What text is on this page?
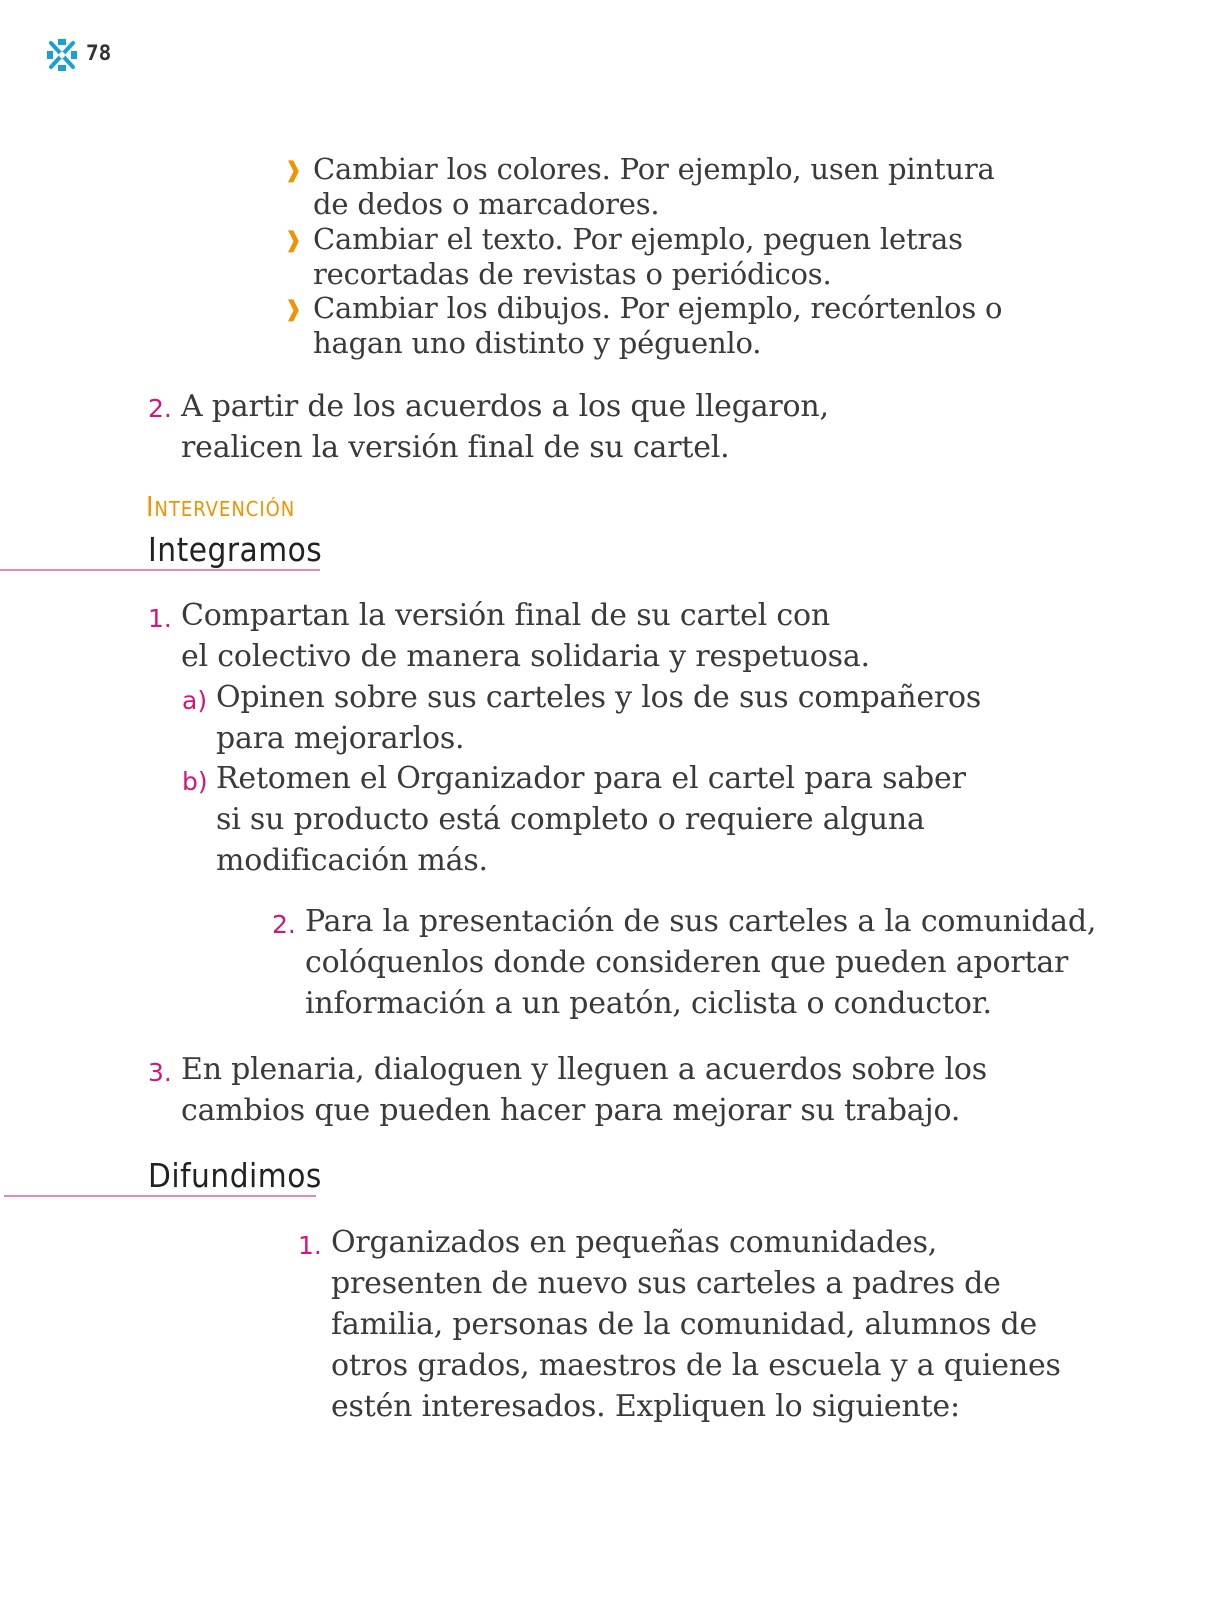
78
❱ Cambiar los colores. Por ejemplo, usen pintura
de dedos o marcadores.
❱ Cambiar el texto. Por ejemplo, peguen letras
recortadas de revistas o periódicos.
❱ Cambiar los dibujos. Por ejemplo, recórtenlos o
hagan uno distinto y péguenlo.
2. A partir de los acuerdos a los que llegaron,
realicen la versión final de su cartel.
Intervención
Integramos
1. Compartan la versión final de su cartel con
el colectivo de manera solidaria y respetuosa.
a) Opinen sobre sus carteles y los de sus compañeros
para mejorarlos.
b) Retomen el Organizador para el cartel para saber
si su producto está completo o requiere alguna
modificación más.
2. Para la presentación de sus carteles a la comunidad,
colóquenlos donde consideren que pueden aportar
información a un peatón, ciclista o conductor.
3. En plenaria, dialoguen y lleguen a acuerdos sobre los
cambios que pueden hacer para mejorar su trabajo.
Difundimos
1. Organizados en pequeñas comunidades,
presenten de nuevo sus carteles a padres de
familia, personas de la comunidad, alumnos de
otros grados, maestros de la escuela y a quienes
estén interesados. Expliquen lo siguiente:
